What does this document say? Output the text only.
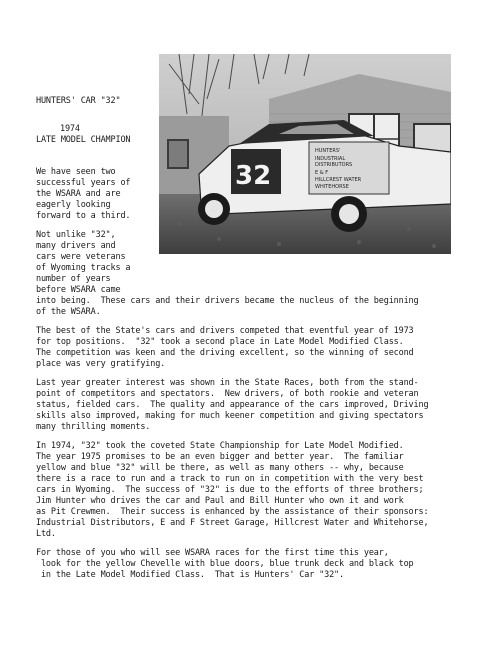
HUNTERS' CAR "32"
1974
LATE MODEL CHAMPION
32
HUNTERS'
INDUSTRIAL
DISTRIBUTORS
E & F
HILLCREST WATER
WHITEHORSE
We have seen two
successful years of
the WSARA and are
eagerly looking
forward to a third.
Not unlike "32",
many drivers and
cars were veterans
of Wyoming tracks a
number of years
before WSARA came
into being.  These cars and their drivers became the nucleus of the beginning
of the WSARA.
The best of the State's cars and drivers competed that eventful year of 1973
for top positions.  "32" took a second place in Late Model Modified Class.
The competition was keen and the driving excellent, so the winning of second
place was very gratifying.
Last year greater interest was shown in the State Races, both from the stand-
point of competitors and spectators.  New drivers, of both rookie and veteran
status, fielded cars.  The quality and appearance of the cars improved, Driving
skills also improved, making for much keener competition and giving spectators
many thrilling moments.
In 1974, "32" took the coveted State Championship for Late Model Modified.
The year 1975 promises to be an even bigger and better year.  The familiar
yellow and blue "32" will be there, as well as many others -- why, because
there is a race to run and a track to run on in competition with the very best
cars in Wyoming.  The success of "32" is due to the efforts of three brothers;
Jim Hunter who drives the car and Paul and Bill Hunter who own it and work
as Pit Crewmen.  Their success is enhanced by the assistance of their sponsors:
Industrial Distributors, E and F Street Garage, Hillcrest Water and Whitehorse,
Ltd.
For those of you who will see WSARA races for the first time this year,
look for the yellow Chevelle with blue doors, blue trunk deck and black top
in the Late Model Modified Class.  That is Hunters' Car "32".
